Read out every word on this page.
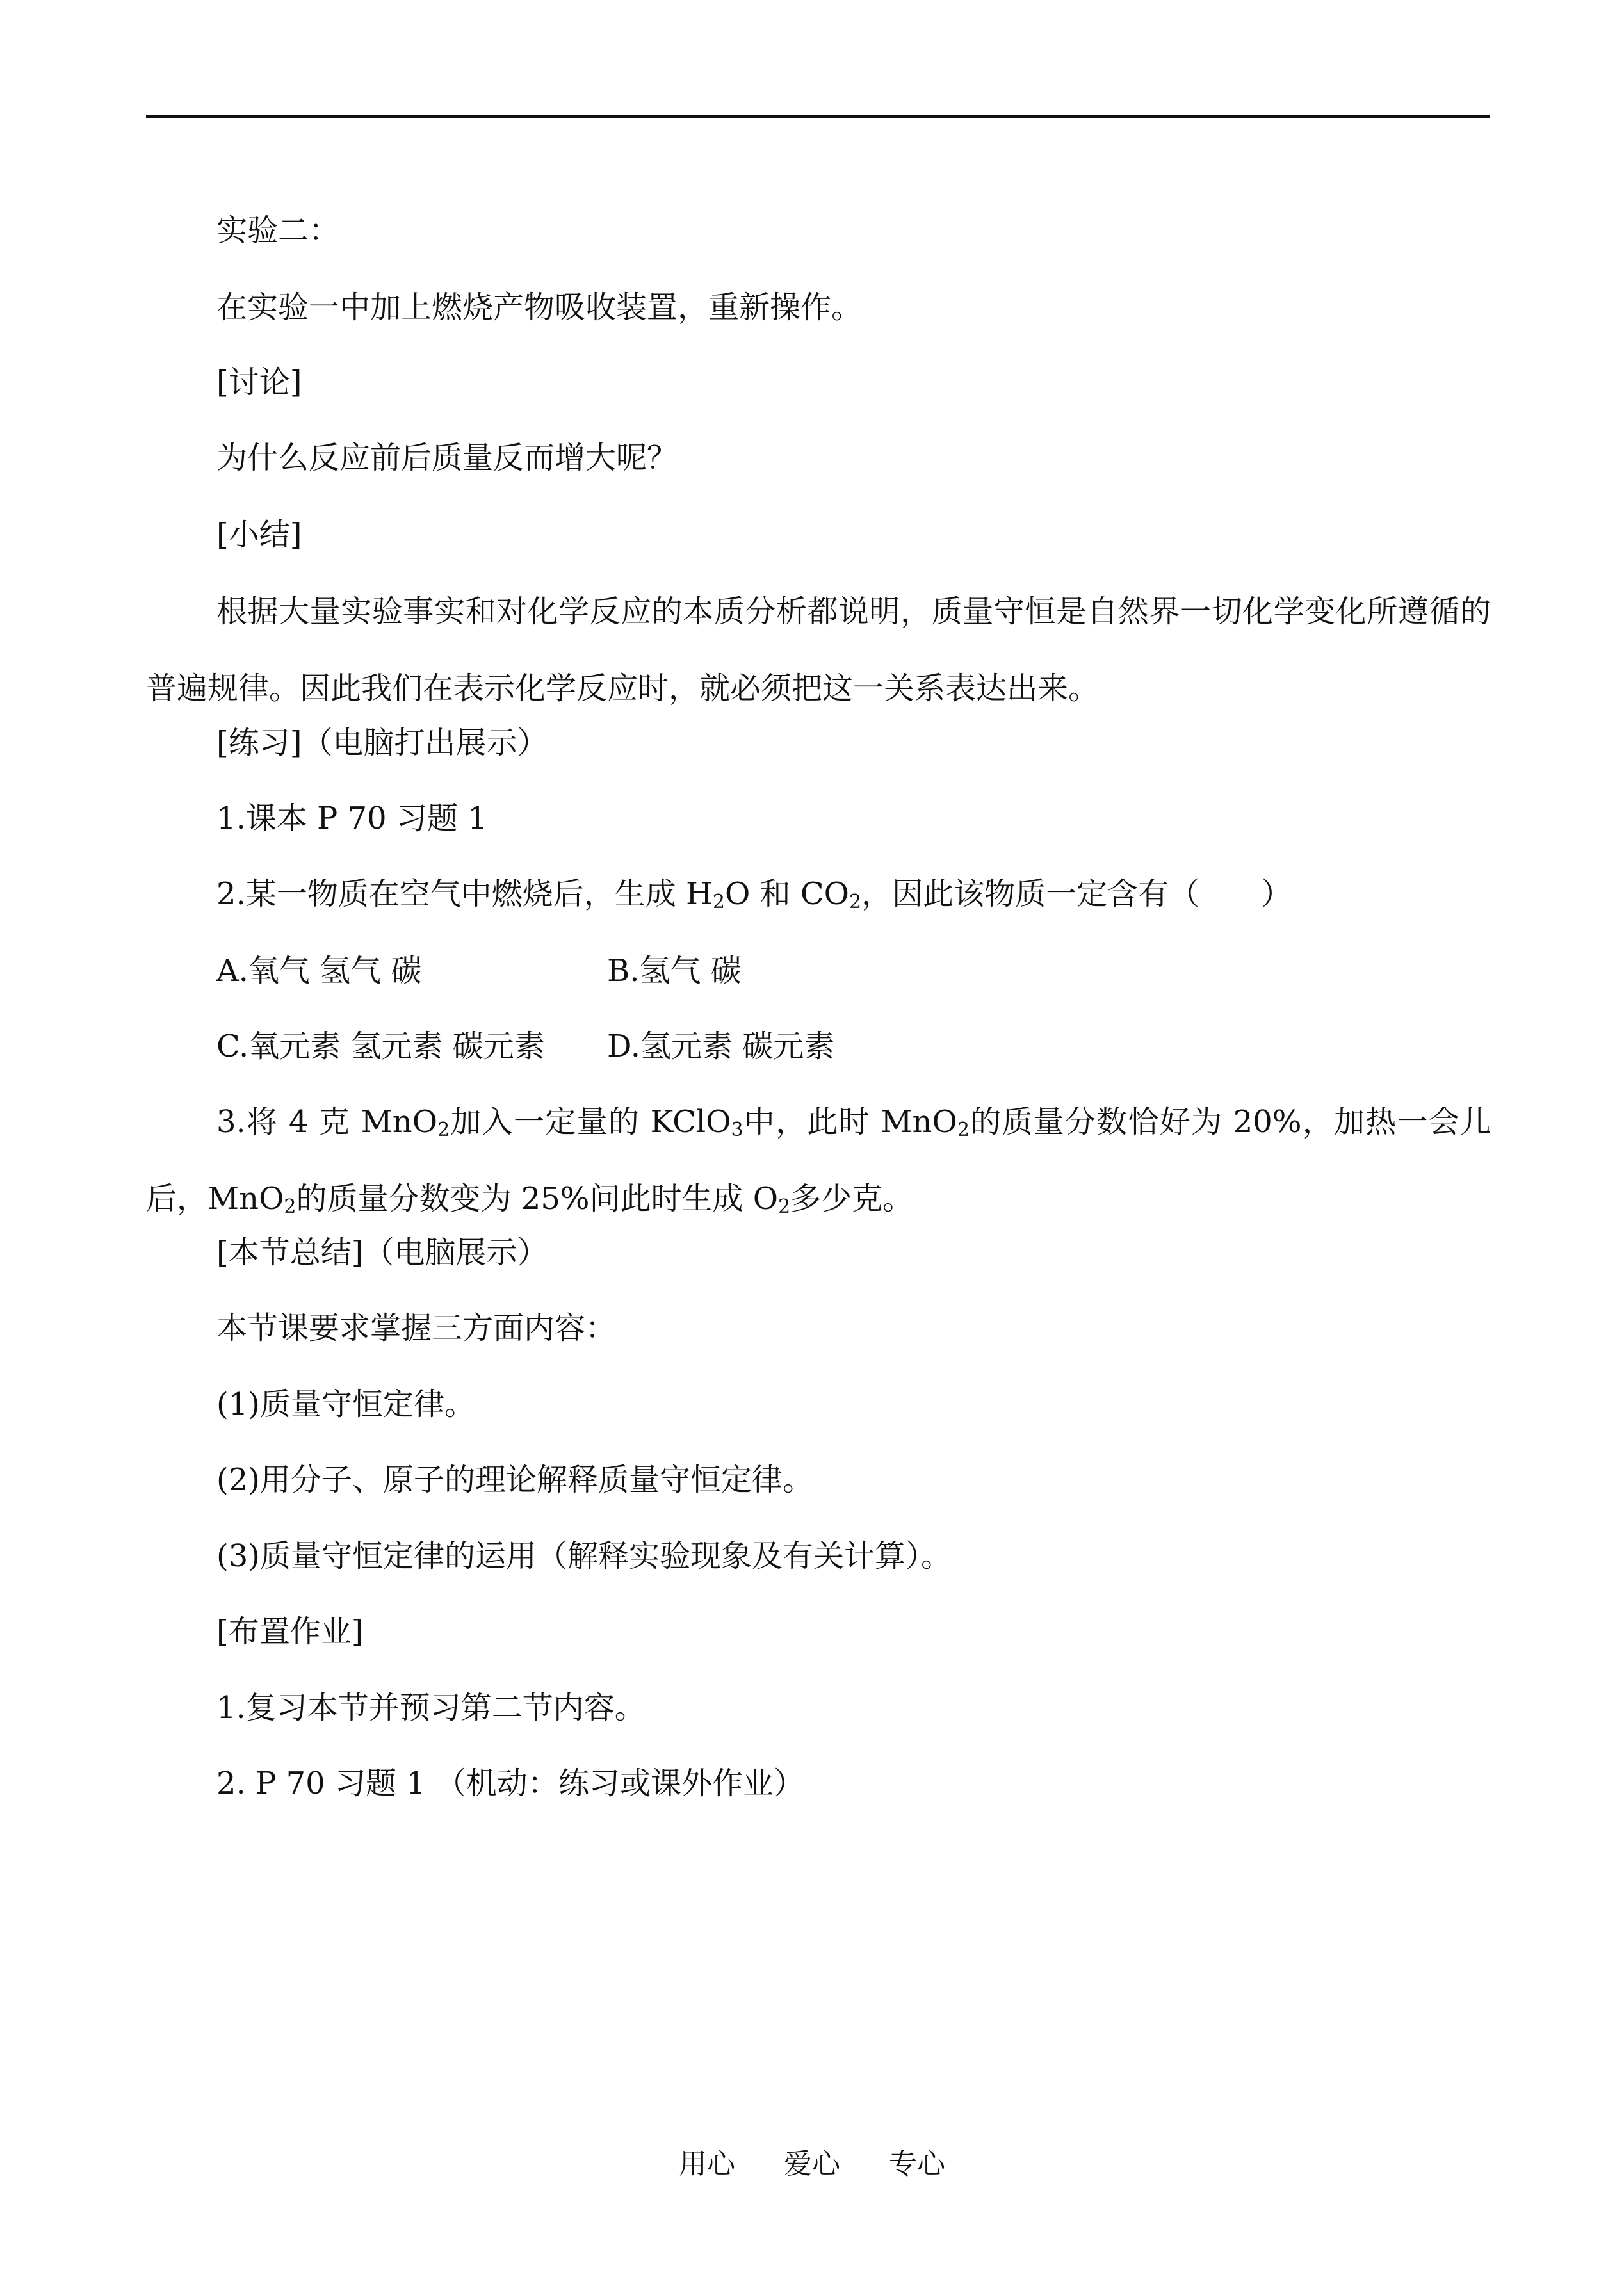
实验二：
在实验一中加上燃烧产物吸收装置，重新操作。
[讨论]
为什么反应前后质量反而增大呢？
[小结]
根据大量实验事实和对化学反应的本质分析都说明，质量守恒是自然界一切化学变化所遵循的普遍规律。因此我们在表示化学反应时，就必须把这一关系表达出来。
[练习]（电脑打出展示）
1.课本 P 70 习题 1
2.某一物质在空气中燃烧后，生成 $H_2O$ 和 $CO_2$，因此该物质一定含有（　　）
A.氧气 氢气 碳	B.氢气 碳
C.氧元素 氢元素 碳元素 D.氢元素 碳元素
3.将 4 克 MnO$_2$加入一定量的 KClO$_3$中，此时 MnO$_2$的质量分数恰好为 20%，加热一会儿后，MnO$_2$的质量分数变为 25%问此时生成 $O_2$多少克。
[本节总结]（电脑展示）
本节课要求掌握三方面内容：
(1)质量守恒定律。
(2)用分子、原子的理论解释质量守恒定律。
(3)质量守恒定律的运用（解释实验现象及有关计算）。
[布置作业]
1.复习本节并预习第二节内容。
2. P 70 习题 1 （机动：练习或课外作业）
用心 爱心 专心
